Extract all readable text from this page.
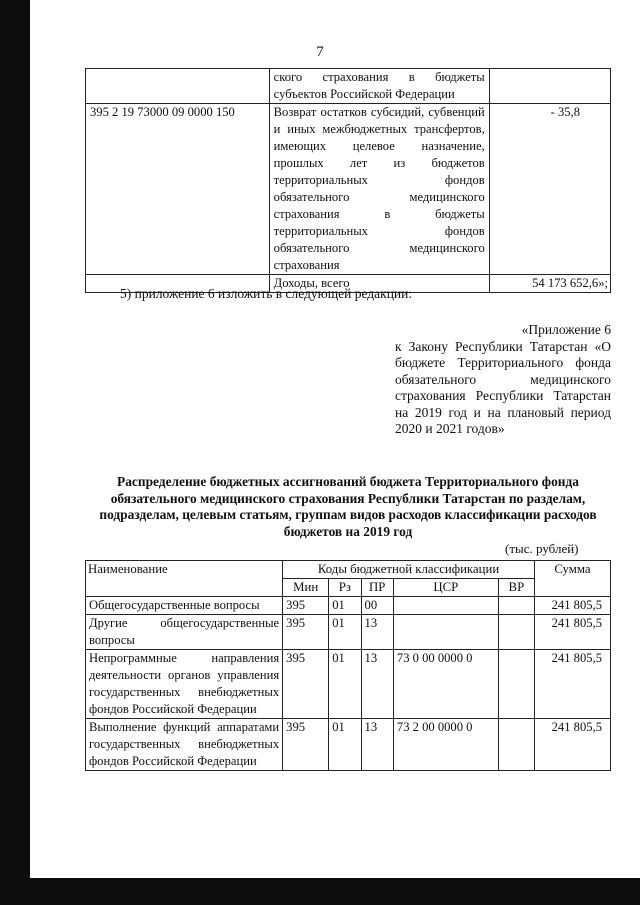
7
	ского страхования в бюджеты субъектов Российской Федерации	
395 2 19 73000 09 0000 150	Возврат остатков субсидий, субвенций и иных межбюджетных трансфертов, имеющих целевое назначение, прошлых лет из бюджетов территориальных фондов обязательного медицинского страхования в бюджеты территориальных фондов обязательного медицинского страхования	- 35,8
	Доходы, всего	54 173 652,6»;
5) приложение 6 изложить в следующей редакции:
«Приложение 6
к Закону Республики Татарстан «О бюджете Территориального фонда обязательного медицинского страхования Республики Татарстан на 2019 год и на плановый период 2020 и 2021 годов»
Распределение бюджетных ассигнований бюджета Территориального фонда обязательного медицинского страхования Республики Татарстан по разделам, подразделам, целевым статьям, группам видов расходов классификации расходов бюджетов на 2019 год
(тыс. рублей)
Наименование	Коды бюджетной классификации					Сумма
	Мин	Рз	ПР	ЦСР	ВР	
Общегосударственные вопросы	395	01	00			241 805,5
Другие общегосударственные вопросы	395	01	13			241 805,5
Непрограммные направления деятельности органов управления государственных внебюджетных фондов Российской Федерации	395	01	13	73 0 00 0000 0		241 805,5
Выполнение функций аппаратами государственных внебюджетных фондов Российской Федерации	395	01	13	73 2 00 0000 0		241 805,5
